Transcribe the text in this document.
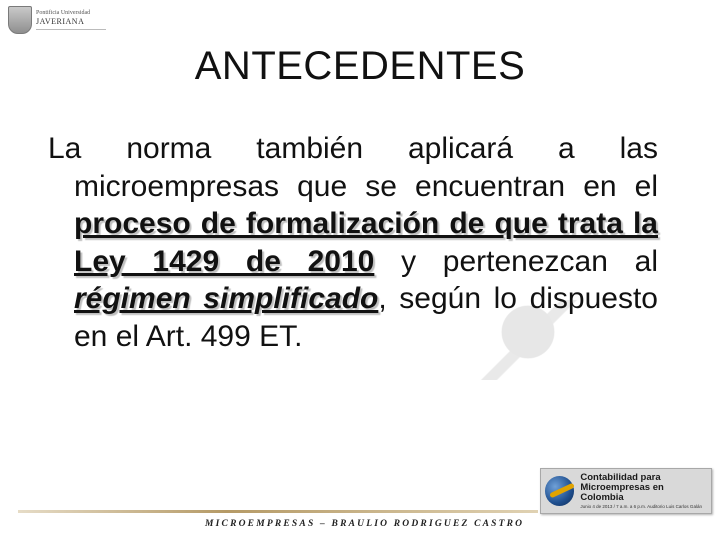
Pontificia Universidad
JAVERIANA
ANTECEDENTES
La norma también aplicará a las microempresas que se encuentran en el proceso de formalización de que trata la Ley 1429 de 2010 y pertenezcan al régimen simplificado, según lo dispuesto en el Art. 499 ET.
MICROEMPRESAS – BRAULIO RODRIGUEZ CASTRO
Contabilidad para
Microempresas en Colombia
Junio 4 de 2013 / 7 a.m. a 6 p.m. Auditorio Luis Carlos Galán
